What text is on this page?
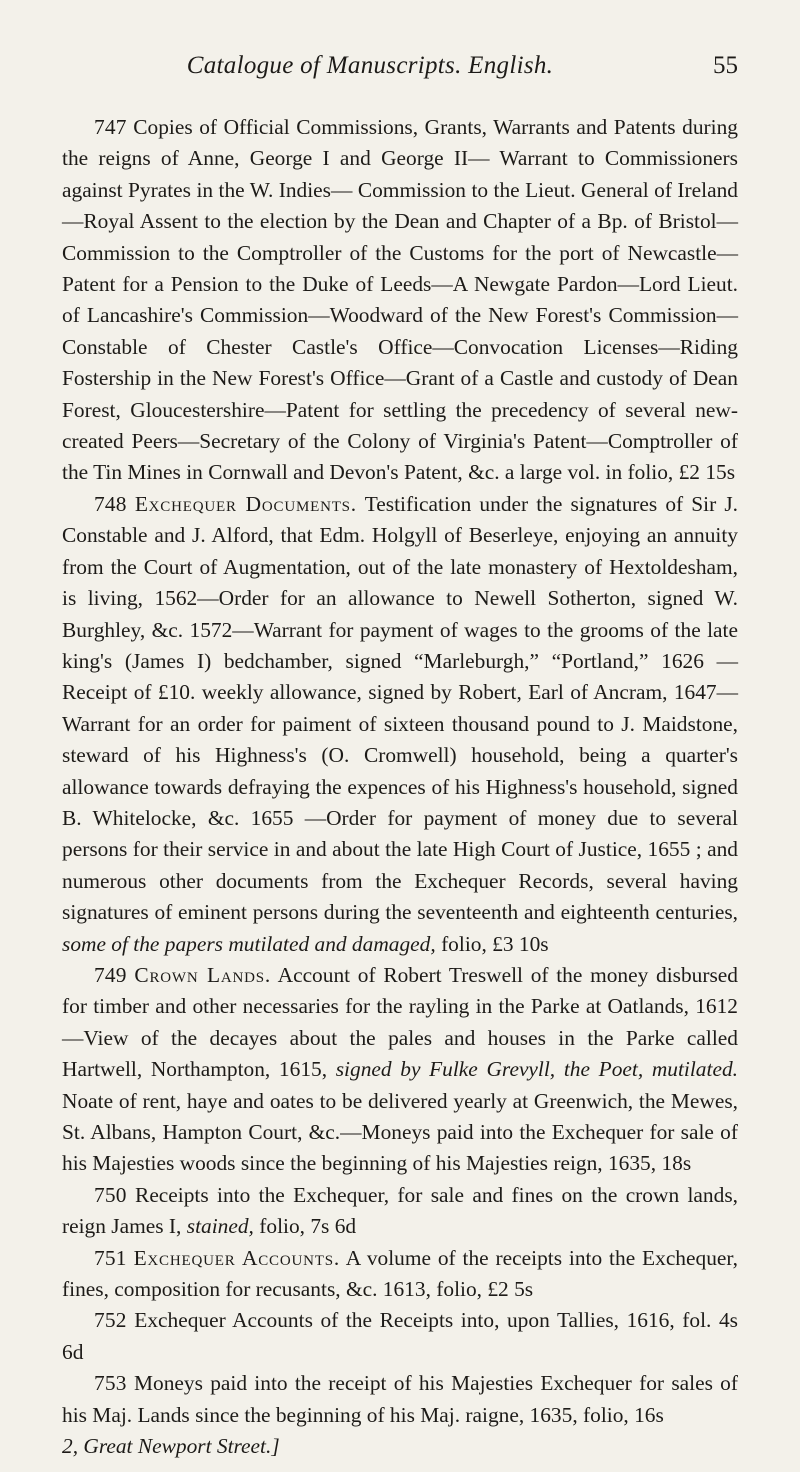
Catalogue of Manuscripts. English.	55

747 Copies of Official Commissions, Grants, Warrants and Patents during the reigns of Anne, George I and George II— Warrant to Commissioners against Pyrates in the W. Indies— Commission to the Lieut. General of Ireland—Royal Assent to the election by the Dean and Chapter of a Bp. of Bristol—Commission to the Comptroller of the Customs for the port of Newcastle—Patent for a Pension to the Duke of Leeds—A Newgate Pardon—Lord Lieut. of Lancashire's Commission—Woodward of the New Forest's Commission—Constable of Chester Castle's Office—Convocation Licenses—Riding Fostership in the New Forest's Office—Grant of a Castle and custody of Dean Forest, Gloucestershire—Patent for settling the precedency of several new-created Peers—Secretary of the Colony of Virginia's Patent—Comptroller of the Tin Mines in Cornwall and Devon's Patent, &c. a large vol. in folio, £2 15s

748 Exchequer Documents. Testification under the signatures of Sir J. Constable and J. Alford, that Edm. Holgyll of Beserleye, enjoying an annuity from the Court of Augmentation, out of the late monastery of Hextoldesham, is living, 1562—Order for an allowance to Newell Sotherton, signed W. Burghley, &c. 1572—Warrant for payment of wages to the grooms of the late king's (James I) bedchamber, signed “Marleburgh,” “Portland,” 1626 —Receipt of £10. weekly allowance, signed by Robert, Earl of Ancram, 1647—Warrant for an order for paiment of sixteen thousand pound to J. Maidstone, steward of his Highness's (O. Cromwell) household, being a quarter's allowance towards defraying the expences of his Highness's household, signed B. Whitelocke, &c. 1655 —Order for payment of money due to several persons for their service in and about the late High Court of Justice, 1655 ; and numerous other documents from the Exchequer Records, several having signatures of eminent persons during the seventeenth and eighteenth centuries, some of the papers mutilated and damaged, folio, £3 10s

749 Crown Lands. Account of Robert Treswell of the money disbursed for timber and other necessaries for the rayling in the Parke at Oatlands, 1612—View of the decayes about the pales and houses in the Parke called Hartwell, Northampton, 1615, signed by Fulke Grevyll, the Poet, mutilated. Noate of rent, haye and oates to be delivered yearly at Greenwich, the Mewes, St. Albans, Hampton Court, &c.—Moneys paid into the Exchequer for sale of his Majesties woods since the beginning of his Majesties reign, 1635, 18s

750 Receipts into the Exchequer, for sale and fines on the crown lands, reign James I, stained, folio, 7s 6d

751 Exchequer Accounts. A volume of the receipts into the Exchequer, fines, composition for recusants, &c. 1613, folio, £2 5s

752 Exchequer Accounts of the Receipts into, upon Tallies, 1616, fol. 4s 6d

753 Moneys paid into the receipt of his Majesties Exchequer for sales of his Maj. Lands since the beginning of his Maj. raigne, 1635, folio, 16s

2, Great Newport Street.]
